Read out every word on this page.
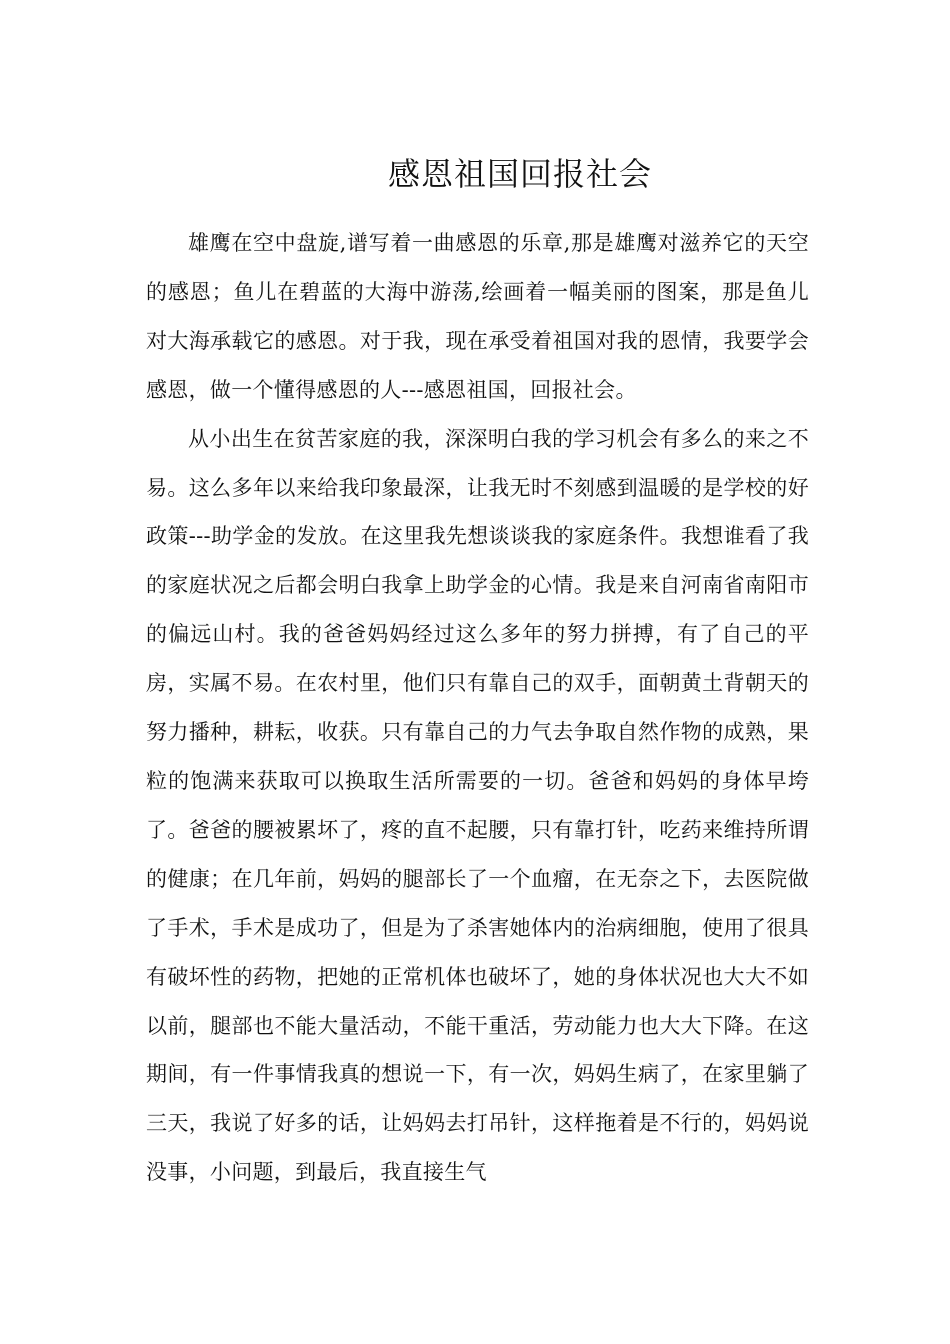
感恩祖国回报社会

雄鹰在空中盘旋,谱写着一曲感恩的乐章,那是雄鹰对滋养它的天空的感恩；鱼儿在碧蓝的大海中游荡,绘画着一幅美丽的图案，那是鱼儿对大海承载它的感恩。对于我，现在承受着祖国对我的恩情，我要学会感恩，做一个懂得感恩的人---感恩祖国，回报社会。

从小出生在贫苦家庭的我，深深明白我的学习机会有多么的来之不易。这么多年以来给我印象最深，让我无时不刻感到温暖的是学校的好政策---助学金的发放。在这里我先想谈谈我的家庭条件。我想谁看了我的家庭状况之后都会明白我拿上助学金的心情。我是来自河南省南阳市的偏远山村。我的爸爸妈妈经过这么多年的努力拼搏，有了自己的平房，实属不易。在农村里，他们只有靠自己的双手，面朝黄土背朝天的努力播种，耕耘，收获。只有靠自己的力气去争取自然作物的成熟，果粒的饱满来获取可以换取生活所需要的一切。爸爸和妈妈的身体早垮了。爸爸的腰被累坏了，疼的直不起腰，只有靠打针，吃药来维持所谓的健康；在几年前，妈妈的腿部长了一个血瘤，在无奈之下，去医院做了手术，手术是成功了，但是为了杀害她体内的治病细胞，使用了很具有破坏性的药物，把她的正常机体也破坏了，她的身体状况也大大不如以前，腿部也不能大量活动，不能干重活，劳动能力也大大下降。在这期间，有一件事情我真的想说一下，有一次，妈妈生病了，在家里躺了三天，我说了好多的话，让妈妈去打吊针，这样拖着是不行的，妈妈说没事，小问题，到最后，我直接生气
